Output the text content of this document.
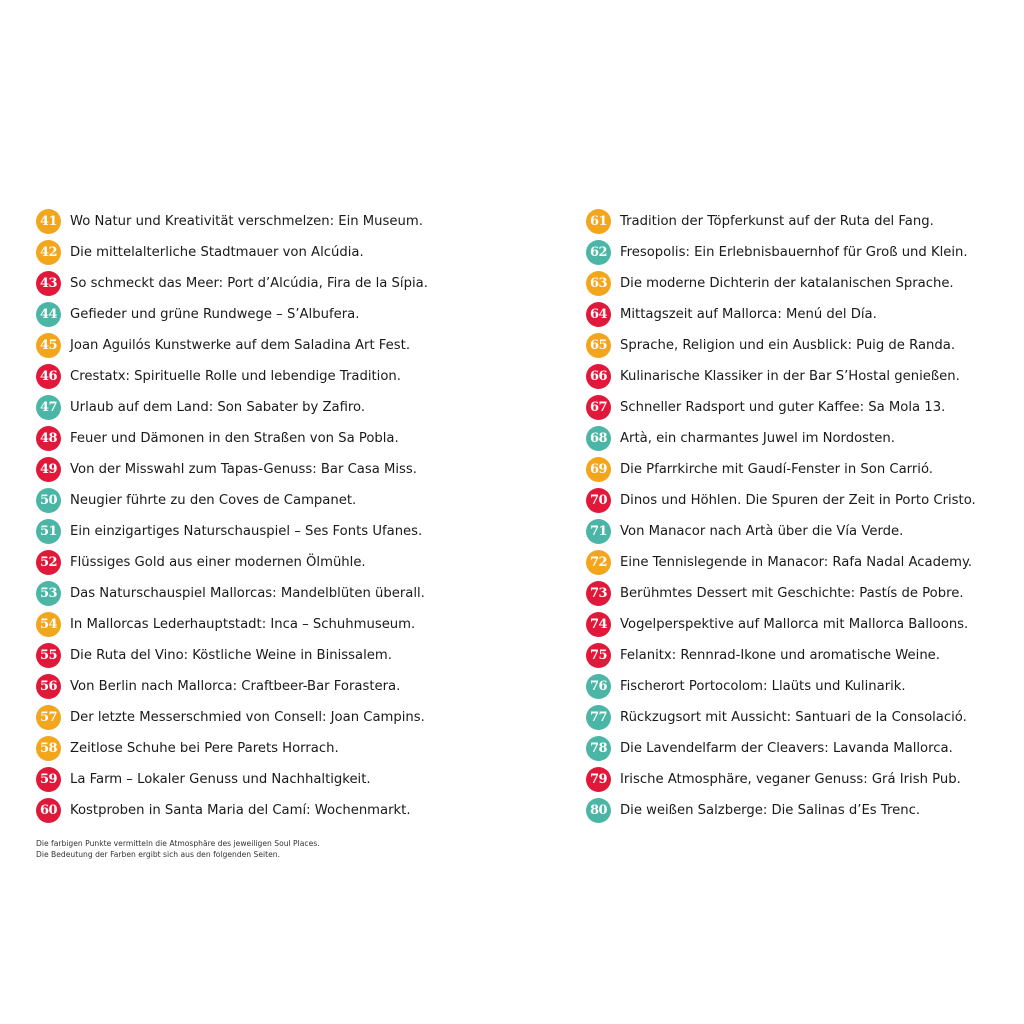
41 Wo Natur und Kreativität verschmelzen: Ein Museum.
42 Die mittelalterliche Stadtmauer von Alcúdia.
43 So schmeckt das Meer: Port d’Alcúdia, Fira de la Sípia.
44 Gefieder und grüne Rundwege – S’Albufera.
45 Joan Aguilós Kunstwerke auf dem Saladina Art Fest.
46 Crestatx: Spirituelle Rolle und lebendige Tradition.
47 Urlaub auf dem Land: Son Sabater by Zafiro.
48 Feuer und Dämonen in den Straßen von Sa Pobla.
49 Von der Misswahl zum Tapas-Genuss: Bar Casa Miss.
50 Neugier führte zu den Coves de Campanet.
51 Ein einzigartiges Naturschauspiel – Ses Fonts Ufanes.
52 Flüssiges Gold aus einer modernen Ölmühle.
53 Das Naturschauspiel Mallorcas: Mandelblüten überall.
54 In Mallorcas Lederhauptstadt: Inca – Schuhmuseum.
55 Die Ruta del Vino: Köstliche Weine in Binissalem.
56 Von Berlin nach Mallorca: Craftbeer-Bar Forastera.
57 Der letzte Messerschmied von Consell: Joan Campins.
58 Zeitlose Schuhe bei Pere Parets Horrach.
59 La Farm – Lokaler Genuss und Nachhaltigkeit.
60 Kostproben in Santa Maria del Camí: Wochenmarkt.
61 Tradition der Töpferkunst auf der Ruta del Fang.
62 Fresopolis: Ein Erlebnisbauernhof für Groß und Klein.
63 Die moderne Dichterin der katalanischen Sprache.
64 Mittagszeit auf Mallorca: Menú del Día.
65 Sprache, Religion und ein Ausblick: Puig de Randa.
66 Kulinarische Klassiker in der Bar S’Hostal genießen.
67 Schneller Radsport und guter Kaffee: Sa Mola 13.
68 Artà, ein charmantes Juwel im Nordosten.
69 Die Pfarrkirche mit Gaudí-Fenster in Son Carrió.
70 Dinos und Höhlen. Die Spuren der Zeit in Porto Cristo.
71 Von Manacor nach Artà über die Vía Verde.
72 Eine Tennislegende in Manacor: Rafa Nadal Academy.
73 Berühmtes Dessert mit Geschichte: Pastís de Pobre.
74 Vogelperspektive auf Mallorca mit Mallorca Balloons.
75 Felanitx: Rennrad-Ikone und aromatische Weine.
76 Fischerort Portocolom: Llaüts und Kulinarik.
77 Rückzugsort mit Aussicht: Santuari de la Consolació.
78 Die Lavendelfarm der Cleavers: Lavanda Mallorca.
79 Irische Atmosphäre, veganer Genuss: Grá Irish Pub.
80 Die weißen Salzberge: Die Salinas d’Es Trenc.
Die farbigen Punkte vermitteln die Atmosphäre des jeweiligen Soul Places.
Die Bedeutung der Farben ergibt sich aus den folgenden Seiten.
